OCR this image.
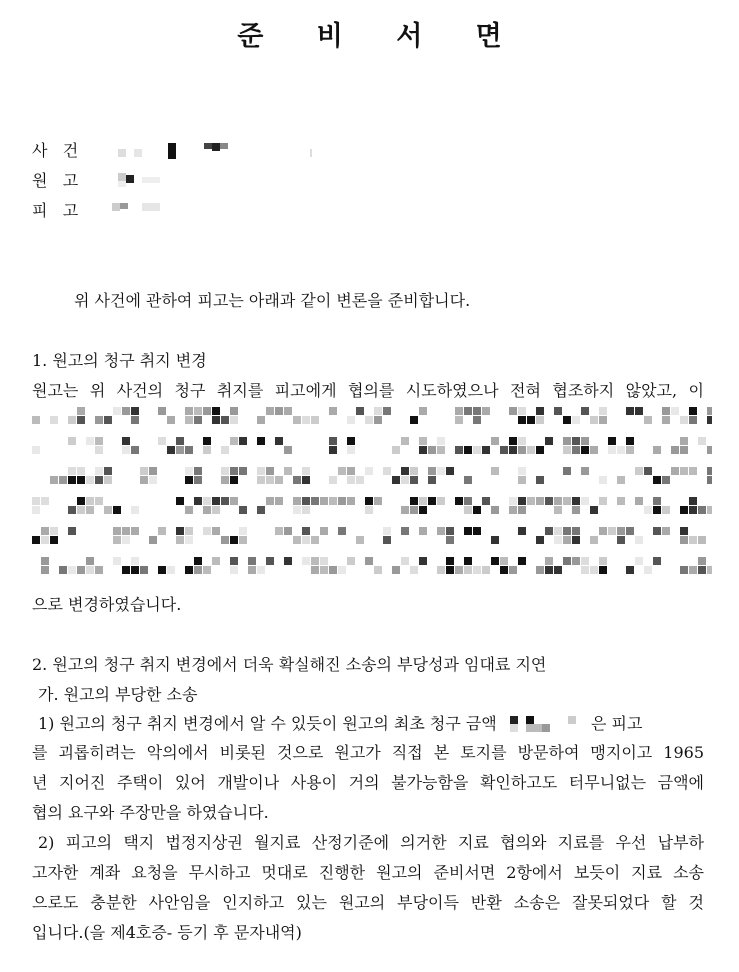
준 비 서 면
사   건
원   고
피   고
위 사건에 관하여 피고는 아래과 같이 변론을 준비합니다.
1. 원고의 청구 취지 변경
원고는 위 사건의 청구 취지를 피고에게 협의를 시도하였으나 전혀 협조하지 않았고, 이
으로 변경하였습니다.
2. 원고의 청구 취지 변경에서 더욱 확실해진 소송의 부당성과 임대료 지연
가. 원고의 부당한 소송
1) 원고의 청구 취지 변경에서 알 수 있듯이 원고의 최초 청구 금액	은 피고
를 괴롭히려는 악의에서 비롯된 것으로 원고가 직접 본 토지를 방문하여 맹지이고 1965
년 지어진 주택이 있어 개발이나 사용이 거의 불가능함을 확인하고도 터무니없는 금액에
협의 요구와 주장만을 하였습니다.
2) 피고의 택지 법정지상권 월지료 산정기준에 의거한 지료 협의와 지료를 우선 납부하
고자한 계좌 요청을 무시하고 멋대로 진행한 원고의 준비서면 2항에서 보듯이 지료 소송
으로도 충분한 사안임을 인지하고 있는 원고의 부당이득 반환 소송은 잘못되었다 할 것
입니다.(을 제4호증- 등기 후 문자내역)
